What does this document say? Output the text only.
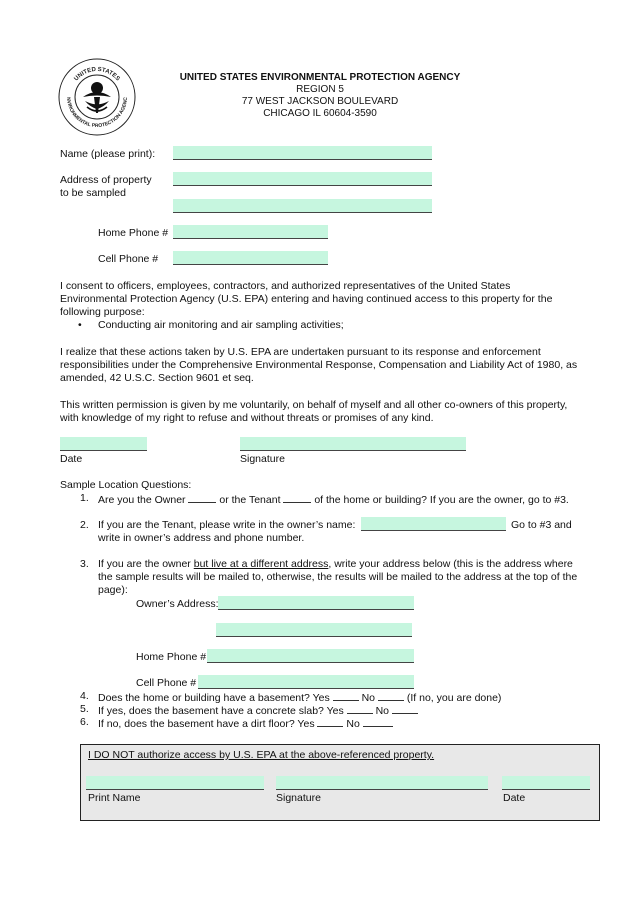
UNITED STATES
NVIRONMENTAL PROTECTION AGENC
UNITED STATES ENVIRONMENTAL PROTECTION AGENCY
REGION 5
77 WEST JACKSON BOULEVARD
CHICAGO IL 60604-3590
Name (please print):
Address of property
to be sampled
Home Phone #
Cell Phone #
I consent to officers, employees, contractors, and authorized representatives of the United States Environmental Protection Agency (U.S. EPA) entering and having continued access to this property for the following purpose:
• Conducting air monitoring and air sampling activities;
I realize that these actions taken by U.S. EPA are undertaken pursuant to its response and enforcement responsibilities under the Comprehensive Environmental Response, Compensation and Liability Act of 1980, as amended, 42 U.S.C. Section 9601 et seq.
This written permission is given by me voluntarily, on behalf of myself and all other co-owners of this property, with knowledge of my right to refuse and without threats or promises of any kind.
Date	Signature
Sample Location Questions:
1. Are you the Owner	or the Tenant	of the home or building? If you are the owner, go to #3.
2. If you are the Tenant, please write in the owner’s name:	Go to #3 and
write in owner’s address and phone number.
3. If you are the owner but live at a different address, write your address below (this is the address where the sample results will be mailed to, otherwise, the results will be mailed to the address at the top of the page):
Owner’s Address:
Home Phone #
Cell Phone #
4. Does the home or building have a basement? Yes	No	(If no, you are done)
5. If yes, does the basement have a concrete slab? Yes	No
6. If no, does the basement have a dirt floor? Yes	No
I DO NOT authorize access by U.S. EPA at the above-referenced property.
Print Name	Signature	Date
